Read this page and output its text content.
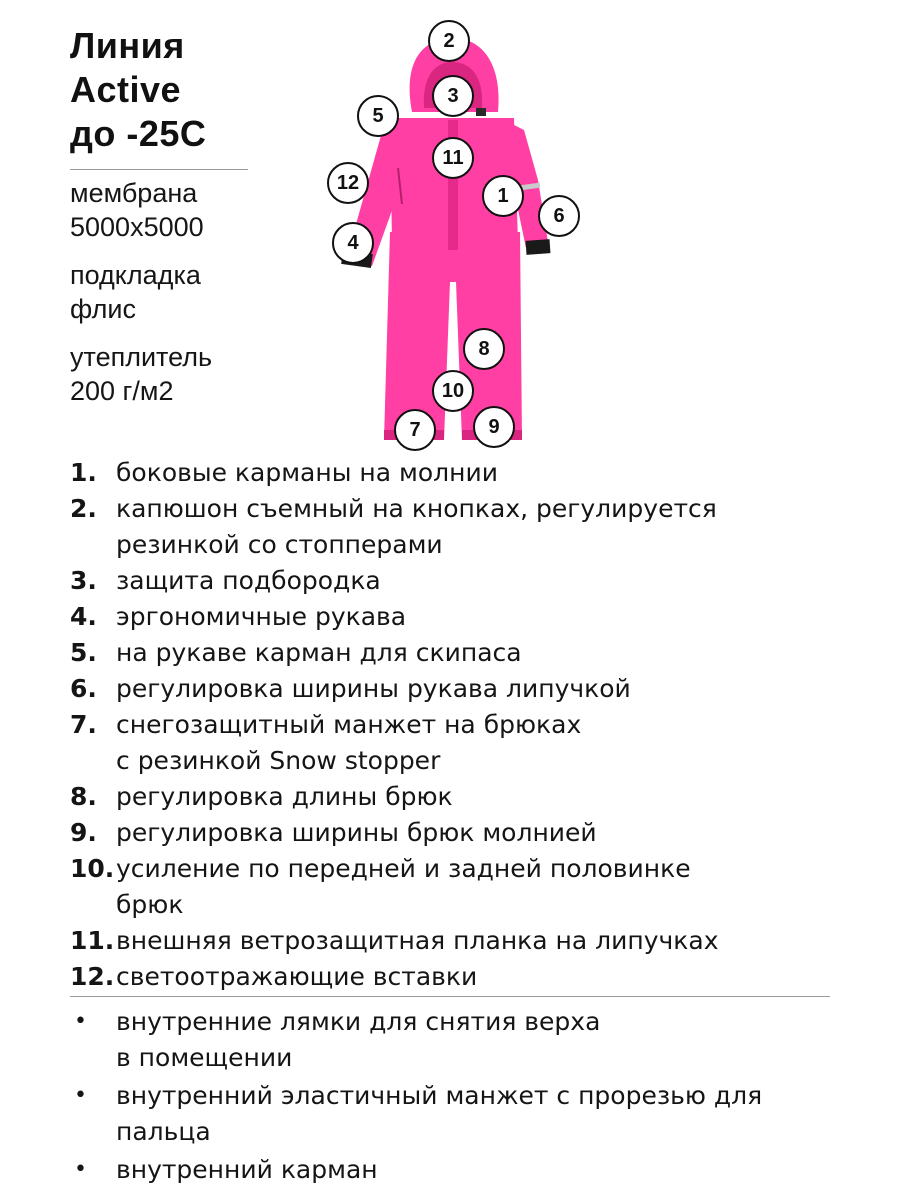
Линия
Active
до -25С
мембрана
5000х5000
подкладка
флис
утеплитель
200 г/м2
2
3
5
11
12
1
6
4
8
10
7	9
1. боковые карманы на молнии
2. капюшон съемный на кнопках, регулируется
резинкой со стопперами
3. защита подбородка
4. эргономичные рукава
5. на рукаве карман для скипаса
6. регулировка ширины рукава липучкой
7. снегозащитный манжет на брюках
с резинкой Snow stopper
8. регулировка длины брюк
9. регулировка ширины брюк молнией
10. усиление по передней и задней половинке
брюк
11. внешняя ветрозащитная планка на липучках
12. светоотражающие вставки
•	внутренние лямки для снятия верха
в помещении
•	внутренний эластичный манжет с прорезью для
пальца
•	внутренний карман
